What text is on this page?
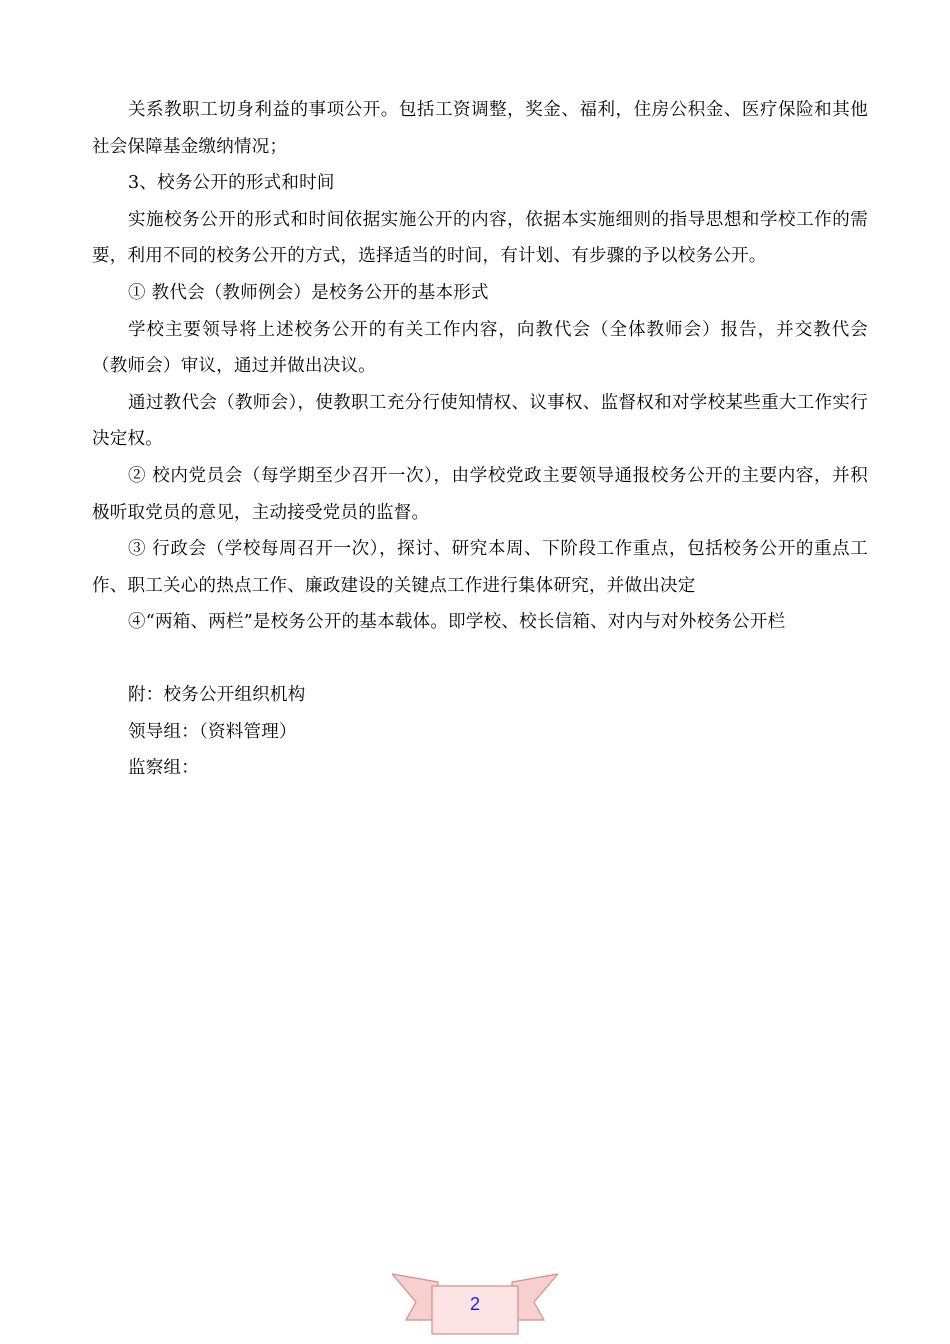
关系教职工切身利益的事项公开。包括工资调整，奖金、福利，住房公积金、医疗保险和其他社会保障基金缴纳情况；

3、校务公开的形式和时间

实施校务公开的形式和时间依据实施公开的内容，依据本实施细则的指导思想和学校工作的需要，利用不同的校务公开的方式，选择适当的时间，有计划、有步骤的予以校务公开。

① 教代会（教师例会）是校务公开的基本形式

学校主要领导将上述校务公开的有关工作内容，向教代会（全体教师会）报告，并交教代会（教师会）审议，通过并做出决议。

通过教代会（教师会），使教职工充分行使知情权、议事权、监督权和对学校某些重大工作实行决定权。

② 校内党员会（每学期至少召开一次），由学校党政主要领导通报校务公开的主要内容，并积极听取党员的意见，主动接受党员的监督。

③ 行政会（学校每周召开一次），探讨、研究本周、下阶段工作重点，包括校务公开的重点工作、职工关心的热点工作、廉政建设的关键点工作进行集体研究，并做出决定

④“两箱、两栏”是校务公开的基本载体。即学校、校长信箱、对内与对外校务公开栏

附：校务公开组织机构

领导组：（资料管理）

监察组：

2
